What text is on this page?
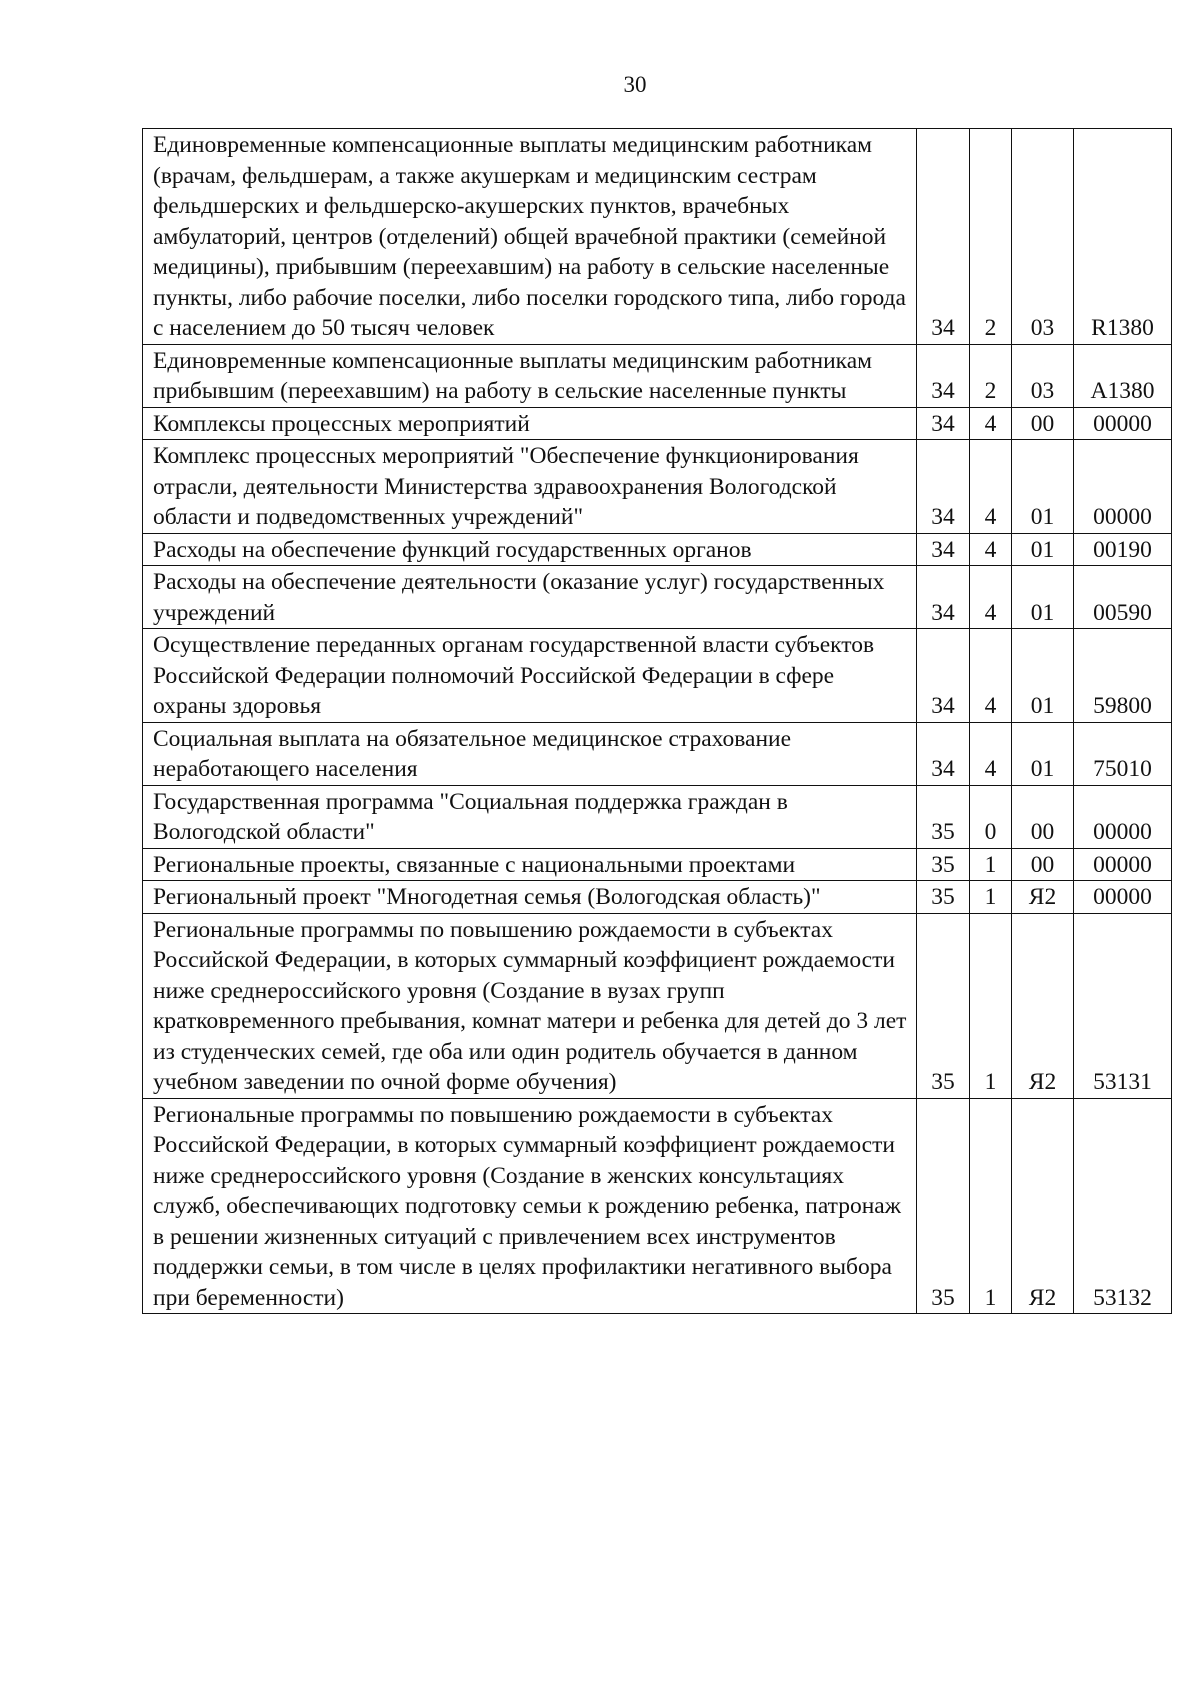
30
Единовременные компенсационные выплаты медицинским работникам (врачам, фельдшерам, а также акушеркам и медицинским сестрам фельдшерских и фельдшерско-акушерских пунктов, врачебных амбулаторий, центров (отделений) общей врачебной практики (семейной медицины), прибывшим (переехавшим) на работу в сельские населенные пункты, либо рабочие поселки, либо поселки городского типа, либо города с населением до 50 тысяч человек	34	2	03	R1380
Единовременные компенсационные выплаты медицинским работникам прибывшим (переехавшим) на работу в сельские населенные пункты	34	2	03	A1380
Комплексы процессных мероприятий	34	4	00	00000
Комплекс процессных мероприятий "Обеспечение функционирования отрасли, деятельности Министерства здравоохранения Вологодской области и подведомственных учреждений"	34	4	01	00000
Расходы на обеспечение функций государственных органов	34	4	01	00190
Расходы на обеспечение деятельности (оказание услуг) государственных учреждений	34	4	01	00590
Осуществление переданных органам государственной власти субъектов Российской Федерации полномочий Российской Федерации в сфере охраны здоровья	34	4	01	59800
Социальная выплата на обязательное медицинское страхование неработающего населения	34	4	01	75010
Государственная программа "Социальная поддержка граждан в Вологодской области"	35	0	00	00000
Региональные проекты, связанные с национальными проектами	35	1	00	00000
Региональный проект "Многодетная семья (Вологодская область)"	35	1	Я2	00000
Региональные программы по повышению рождаемости в субъектах Российской Федерации, в которых суммарный коэффициент рождаемости ниже среднероссийского уровня (Создание в вузах групп кратковременного пребывания, комнат матери и ребенка для детей до 3 лет из студенческих семей, где оба или один родитель обучается в данном учебном заведении по очной форме обучения)	35	1	Я2	53131
Региональные программы по повышению рождаемости в субъектах Российской Федерации, в которых суммарный коэффициент рождаемости ниже среднероссийского уровня (Создание в женских консультациях служб, обеспечивающих подготовку семьи к рождению ребенка, патронаж в решении жизненных ситуаций с привлечением всех инструментов поддержки семьи, в том числе в целях профилактики негативного выбора при беременности)	35	1	Я2	53132
